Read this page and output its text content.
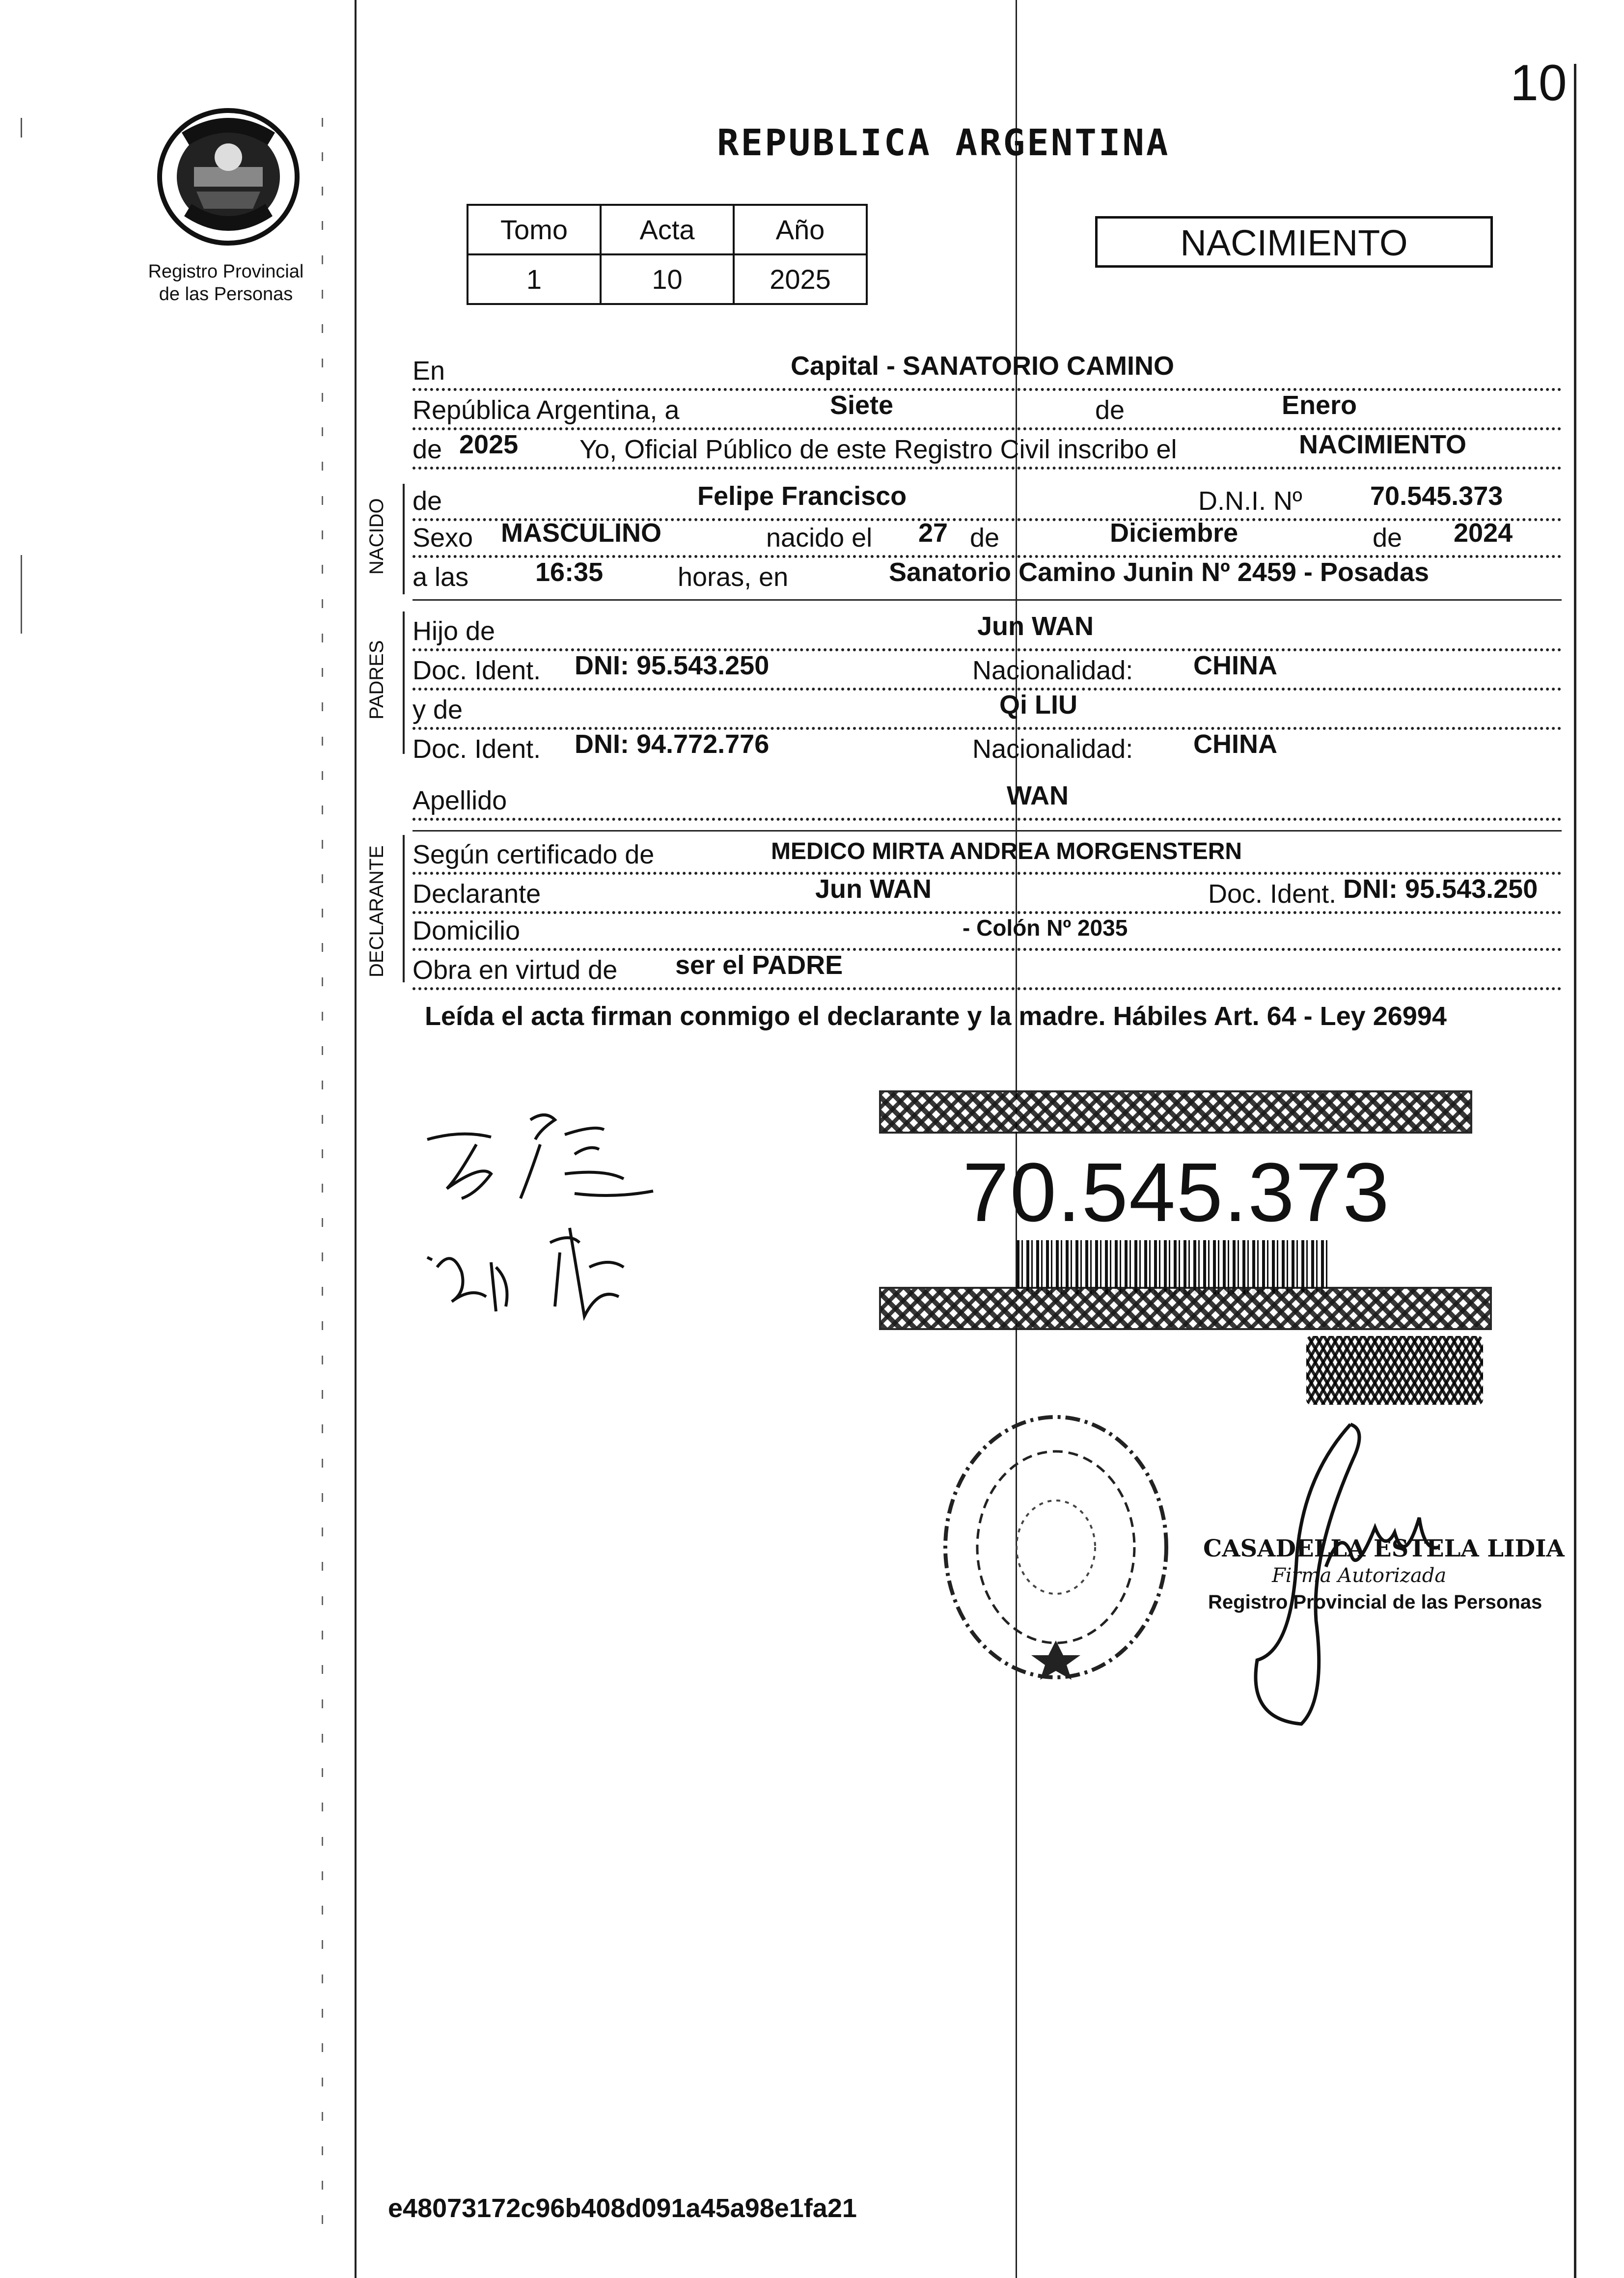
10
REPUBLICA ARGENTINA
Registro Provincial
de las Personas
Tomo	Acta	Año
1	10	2025
NACIMIENTO
En	Capital - SANATORIO CAMINO
República Argentina, a	Siete	de	Enero
de 2025 Yo, Oficial Público de este Registro Civil inscribo el	NACIMIENTO
NACIDO de	Felipe Francisco	D.N.I. Nº	70.545.373
Sexo MASCULINO	nacido el 27 de	Diciembre	de 2024
a las	16:35	horas, en	Sanatorio Camino Junin Nº 2459 - Posadas
PADRES
Hijo de	Jun WAN
Doc. Ident. DNI: 95.543.250	Nacionalidad: CHINA
y de	Qi LIU
Doc. Ident. DNI: 94.772.776	Nacionalidad: CHINA
Apellido	WAN
DECLARANTE Según certificado de	MEDICO MIRTA ANDREA MORGENSTERN
Declarante	Jun WAN	Doc. Ident. DNI: 95.543.250
Domicilio	- Colón Nº 2035
Obra en virtud de ser el PADRE
Leída el acta firman conmigo el declarante y la madre. Hábiles Art. 64 - Ley 26994
70.545.373
CASADELLA ESTELA LIDIA
Firma Autorizada
Registro Provincial de las Personas
e48073172c96b408d091a45a98e1fa21
